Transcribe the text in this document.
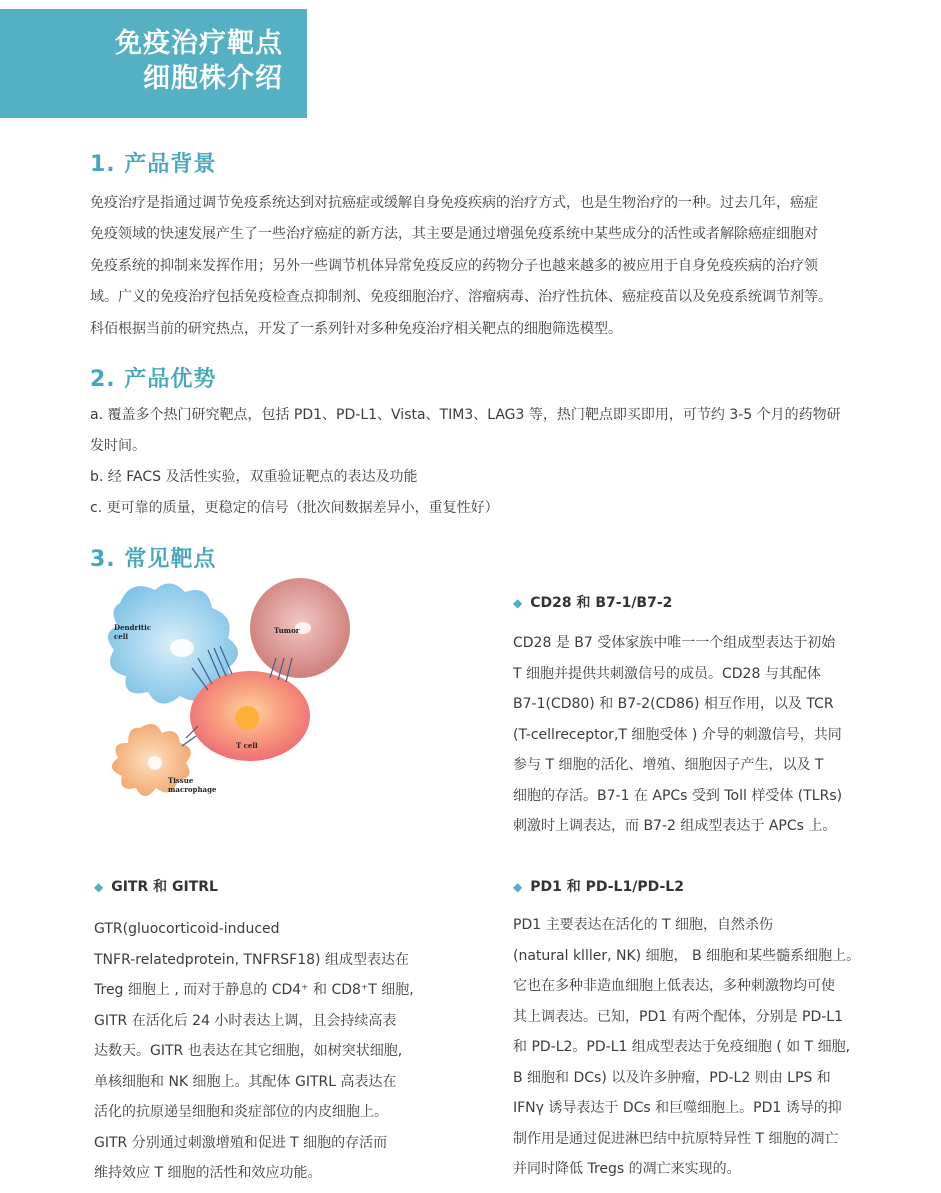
免疫治疗靶点
细胞株介绍
1. 产品背景
免疫治疗是指通过调节免疫系统达到对抗癌症或缓解自身免疫疾病的治疗方式，也是生物治疗的一种。过去几年，癌症
免疫领域的快速发展产生了一些治疗癌症的新方法，其主要是通过增强免疫系统中某些成分的活性或者解除癌症细胞对
免疫系统的抑制来发挥作用；另外一些调节机体异常免疫反应的药物分子也越来越多的被应用于自身免疫疾病的治疗领
域。广义的免疫治疗包括免疫检查点抑制剂、免疫细胞治疗、溶瘤病毒、治疗性抗体、癌症疫苗以及免疫系统调节剂等。
科佰根据当前的研究热点，开发了一系列针对多种免疫治疗相关靶点的细胞筛选模型。
2. 产品优势
a. 覆盖多个热门研究靶点，包括 PD1、PD-L1、Vista、TIM3、LAG3 等，热门靶点即买即用，可节约 3-5 个月的药物研
发时间。
b. 经 FACS 及活性实验，双重验证靶点的表达及功能
c. 更可靠的质量，更稳定的信号（批次间数据差异小，重复性好）
3. 常见靶点
Dendritic
cell
Tumor
T cell
Tissue
macrophage
◆ CD28 和 B7-1/B7-2
CD28 是 B7 受体家族中唯一一个组成型表达于初始
T 细胞并提供共刺激信号的成员。CD28 与其配体
B7-1(CD80) 和 B7-2(CD86) 相互作用，以及 TCR
(T-cellreceptor,T 细胞受体 ) 介导的刺激信号，共同
参与 T 细胞的活化、增殖、细胞因子产生，以及 T
细胞的存活。B7-1 在 APCs 受到 Toll 样受体 (TLRs)
刺激时上调表达，而 B7-2 组成型表达于 APCs 上。
◆ GITR 和 GITRL
GTR(gluocorticoid-induced
TNFR-relatedprotein, TNFRSF18) 组成型表达在
Treg 细胞上 , 而对于静息的 CD4⁺ 和 CD8⁺T 细胞,
GITR 在活化后 24 小时表达上调，且会持续高表
达数天。GITR 也表达在其它细胞，如树突状细胞,
单核细胞和 NK 细胞上。其配体 GITRL 高表达在
活化的抗原递呈细胞和炎症部位的内皮细胞上。
GITR 分别通过刺激增殖和促进 T 细胞的存活而
维持效应 T 细胞的活性和效应功能。
◆ PD1 和 PD-L1/PD-L2
PD1 主要表达在活化的 T 细胞，自然杀伤
(natural klller, NK) 细胞， B 细胞和某些髓系细胞上。
它也在多种非造血细胞上低表达，多种刺激物均可使
其上调表达。已知，PD1 有两个配体，分别是 PD-L1
和 PD-L2。PD-L1 组成型表达于免疫细胞 ( 如 T 细胞,
B 细胞和 DCs) 以及许多肿瘤，PD-L2 则由 LPS 和
IFNγ 诱导表达于 DCs 和巨噬细胞上。PD1 诱导的抑
制作用是通过促进淋巴结中抗原特异性 T 细胞的凋亡
并同时降低 Tregs 的凋亡来实现的。
